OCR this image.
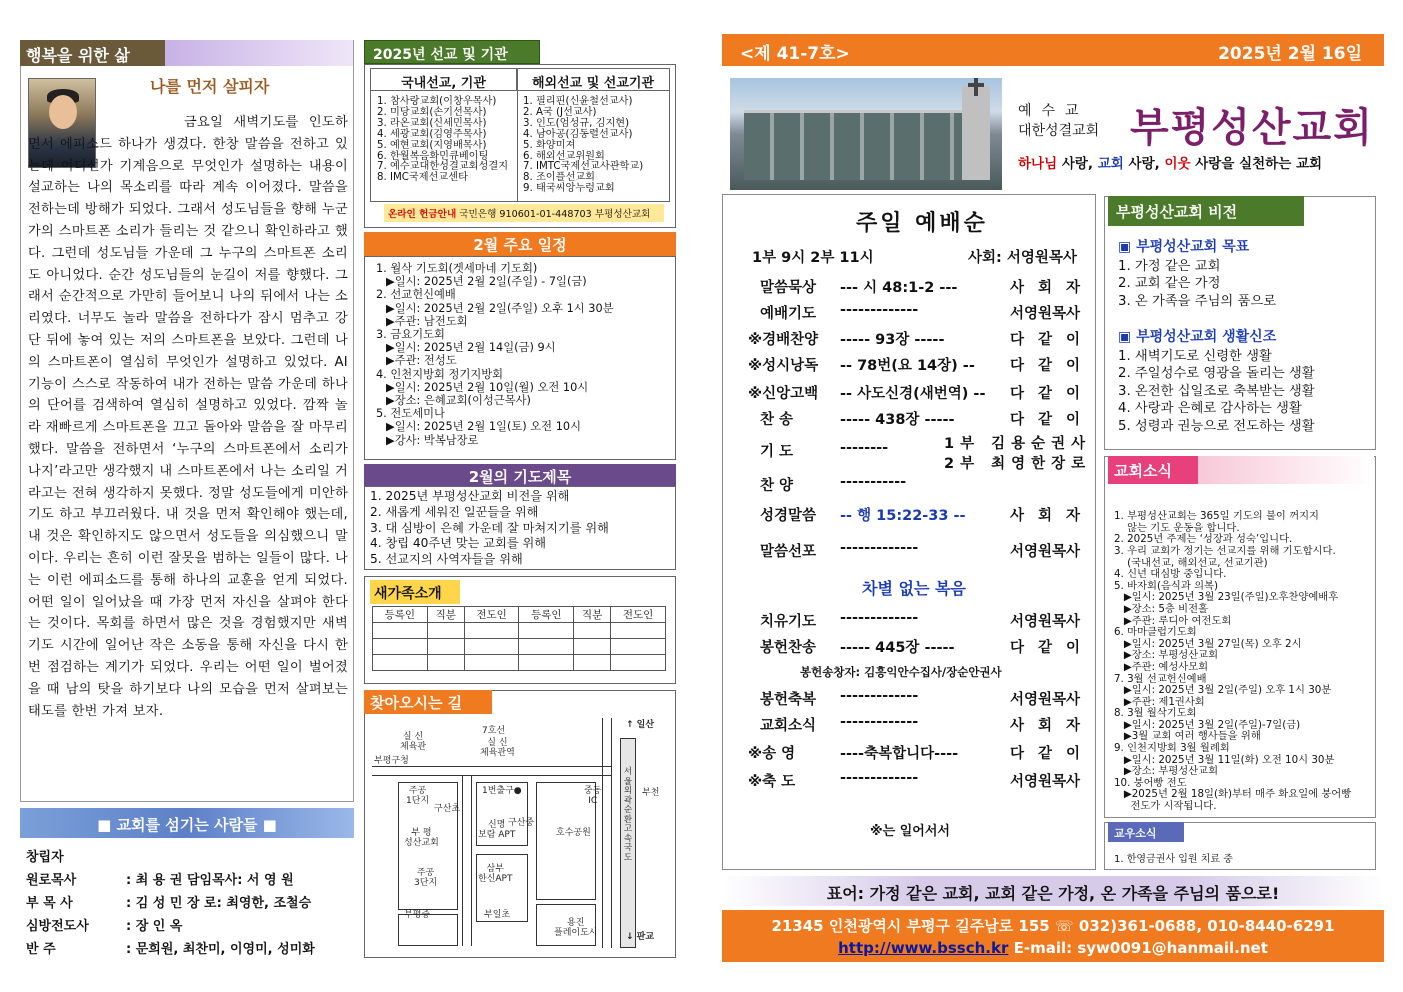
행복을 위한 삶
나를 먼저 살피자
금요일 새벽기도를 인도하면서 에피소드 하나가 생겼다. 한창 말씀을 전하고 있는데 어디선가 기계음으로 무엇인가 설명하는 내용이 설교하는 나의 목소리를 따라 계속 이어졌다. 말씀을 전하는데 방해가 되었다. 그래서 성도님들을 향해 누군가의 스마트폰 소리가 들리는 것 같으니 확인하라고 했다. 그런데 성도님들 가운데 그 누구의 스마트폰 소리도 아니었다. 순간 성도님들의 눈길이 저를 향했다. 그래서 순간적으로 가만히 들어보니 나의 뒤에서 나는 소리였다. 너무도 놀라 말씀을 전하다가 잠시 멈추고 강단 뒤에 놓여 있는 저의 스마트폰을 보았다. 그런데 나의 스마트폰이 열심히 무엇인가 설명하고 있었다. AI 기능이 스스로 작동하여 내가 전하는 말씀 가운데 하나의 단어를 검색하여 열심히 설명하고 있었다. 깜짝 놀라 재빠르게 스마트폰을 끄고 돌아와 말씀을 잘 마무리했다. 말씀을 전하면서 ‘누구의 스마트폰에서 소리가 나지’라고만 생각했지 내 스마트폰에서 나는 소리일 거라고는 전혀 생각하지 못했다. 정말 성도들에게 미안하기도 하고 부끄러웠다. 내 것을 먼저 확인해야 했는데, 내 것은 확인하지도 않으면서 성도들을 의심했으니 말이다. 우리는 흔히 이런 잘못을 범하는 일들이 많다. 나는 이런 에피소드를 통해 하나의 교훈을 얻게 되었다. 어떤 일이 일어났을 때 가장 먼저 자신을 살펴야 한다는 것이다. 목회를 하면서 많은 것을 경험했지만 새벽기도 시간에 일어난 작은 소동을 통해 자신을 다시 한번 점검하는 계기가 되었다. 우리는 어떤 일이 벌어졌을 때 남의 탓을 하기보다 나의 모습을 먼저 살펴보는 태도를 한번 가져 보자.
■ 교회를 섬기는 사람들 ■
창립자
원로목사	: 최 용 권 담임목사: 서 영 원
부 목 사	: 김 성 민 장 로: 최영한, 조철승
심방전도사	: 장 인 옥
반 주	: 문희원, 최찬미, 이영미, 성미화
2025년 선교 및 기관
국내선교, 기관	해외선교 및 선교기관
1. 참사랑교회(이창우목사)
2. 미당교회(손기선목사)
3. 라온교회(신세민목사)
4. 세광교회(김영주목사)
5. 예현교회(지영배목사)
6. 한월복음화민큐베이팅
7. 예수교대한성결교회성결지
8. IMC국제선교센타
1. 필리핀(신윤철선교사)
2. A국 (J선교사)
3. 인도(엄성규, 김지현)
4. 남아공(김동렬선교사)
5. 화양미져
6. 해외선교위원회
7. IMTC국제선교사관학교)
8. 조이플선교회
9. 태국씨앙누렁교회
온라인 헌금안내 국민은행 910601-01-448703 부평성산교회
2월 주요 일정
1. 월삭 기도회(겟세마네 기도회)
▶일시: 2025년 2월 2일(주일) - 7일(금)
2. 선교헌신예배
▶일시: 2025년 2월 2일(주일) 오후 1시 30분
▶주관: 남전도회
3. 금요기도회
▶일시: 2025년 2월 14일(금) 9시
▶주관: 전성도
4. 인천지방회 정기지방회
▶일시: 2025년 2월 10일(월) 오전 10시
▶장소: 은혜교회(이성근목사)
5. 전도세미나
▶일시: 2025년 2월 1일(토) 오전 10시
▶강사: 박복남장로
2월의 기도제목
1. 2025년 부평성산교회 비전을 위해
2. 새롭게 세워진 일꾼들을 위해
3. 대 심방이 은혜 가운데 잘 마쳐지기를 위해
4. 창립 40주년 맞는 교회를 위해
5. 선교지의 사역자들을 위해
새가족소개
등록인	직분	전도인	등록인	직분	전도인

찾아오시는 길
실 신
체육관
7호선
실 신
체육관역
부평구청
주공
1단지
구산초
부 평
성산교회
1번출구●
신명
보람 APT
구산중
중동
IC
호수공원
부천
주공
3단지
부평중
삼부
한신APT
부일초
↑ 일산
↓ 판교
서울외곽순환고속국도
용진
플레이도시
<제 41-7호>	2025년 2월 16일
예수교
대한성결교회 부평성산교회
하나님 사랑, 교회 사랑, 이웃 사랑을 실천하는 교회
주일 예배순
1부 9시 2부 11시	사회: 서영원목사
말씀묵상 --- 시 48:1-2 ---	사회자
예배기도 -------------	서영원목사
※경배찬양 ----- 93장 -----	다같이
※성시낭독 -- 78번(요 14장) -- 다같이
※신앙고백 -- 사도신경(새번역) -- 다같이
찬 송	----- 438장 -----	다같이
기 도	--------	1부 김용순권사
2부 최영한장로
찬 양	-----------
성경말씀 -- 행 15:22-33 --	사회자
말씀선포 -------------	서영원목사
차별 없는 복음
치유기도 -------------	서영원목사
봉헌찬송 ----- 445장 -----	다같이
봉헌축복 -------------	서영원목사
교회소식 -------------	사회자
※송 영	----축복합니다----	다같이
※축 도	-------------	서영원목사
봉헌송창자: 김흥익안수집사/장순안권사
※는 일어서서
부평성산교회 비전
▣ 부평성산교회 목표
1. 가정 같은 교회
2. 교회 같은 가정
3. 온 가족을 주님의 품으로
▣ 부평성산교회 생활신조
1. 새벽기도로 신령한 생활
2. 주일성수로 영광을 돌리는 생활
3. 온전한 십일조로 축복받는 생활
4. 사랑과 은혜로 감사하는 생활
5. 성령과 권능으로 전도하는 생활
교회소식

1. 부평성산교회는 365일 기도의 불이 꺼지지
않는 기도 운동을 합니다.
2. 2025년 주제는 ‘성장과 성숙’입니다.
3. 우리 교회가 정기는 선교지를 위해 기도합시다.
(국내선교, 해외선교, 선교기관)
4. 신년 대심방 중입니다.
5. 바자회(음식과 의복)
▶일시: 2025년 3월 23일(주일)오후찬양예배후
▶장소: 5층 비전홀
▶주관: 루디아 여전도회
6. 마마클럽기도회
▶일시: 2025년 3월 27일(목) 오후 2시
▶장소: 부평성산교회
▶주관: 예성사모회
7. 3월 선교헌신예배
▶일시: 2025년 3월 2일(주일) 오후 1시 30분
▶주관: 제1권사회
8. 3월 월삭기도회
▶일시: 2025년 3월 2일(주일)-7일(금)
▶3월 교회 여러 행사들을 위해
9. 인천지방회 3월 월례회
▶일시: 2025년 3월 11일(화) 오전 10시 30분
▶장소: 부평성산교회
10. 붕어빵 전도
▶2025년 2월 18일(화)부터 매주 화요일에 붕어빵
전도가 시작됩니다.

교우소식
1. 한영금권사 입원 치료 중
표어: 가정 같은 교회, 교회 같은 가정, 온 가족을 주님의 품으로!
21345 인천광역시 부평구 길주남로 155 ☏ 032)361-0688, 010-8440-6291
http://www.bssch.kr E-mail: syw0091@hanmail.net
